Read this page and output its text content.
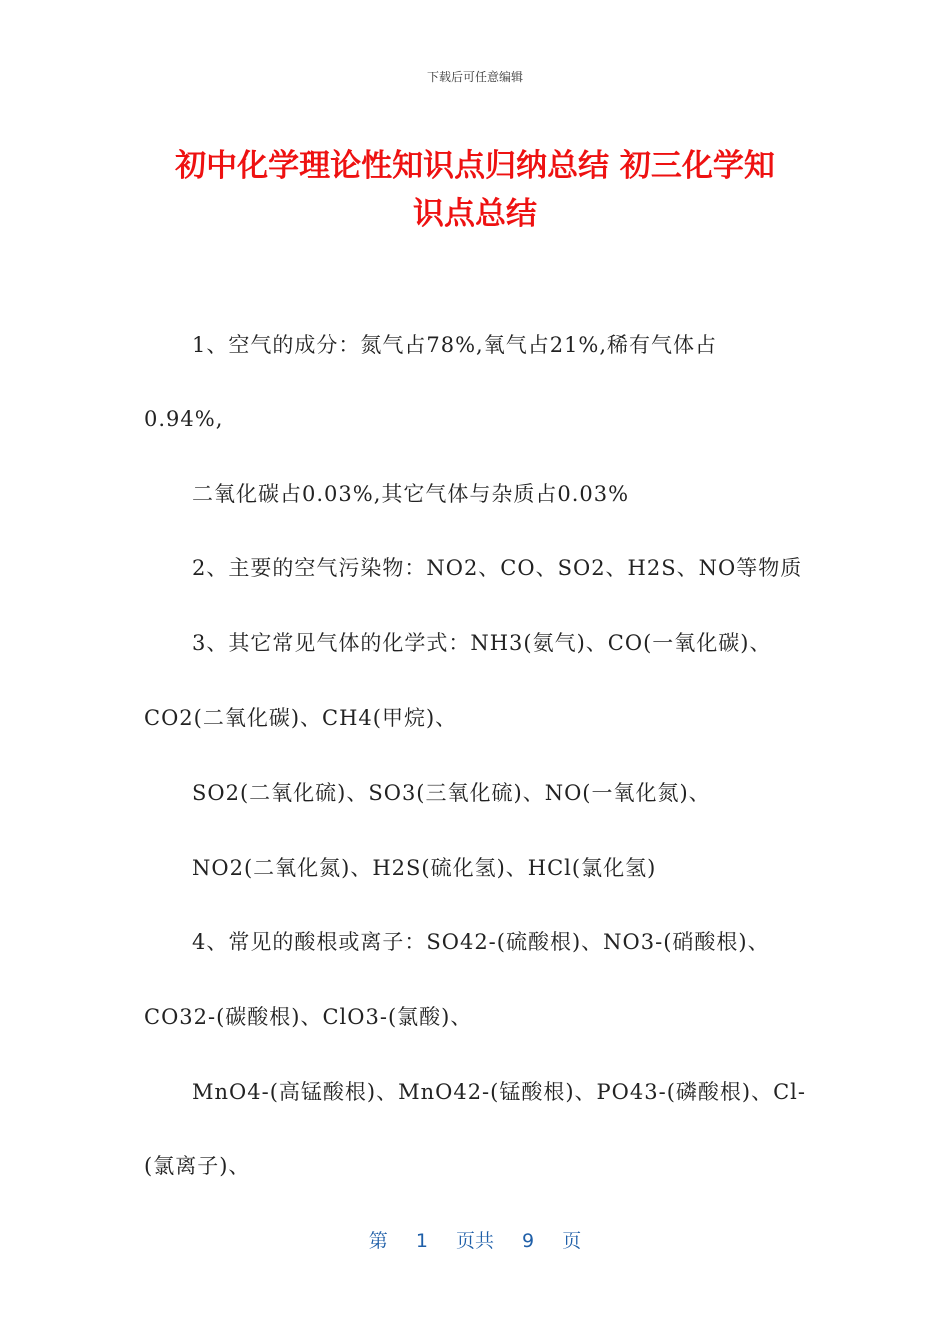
下载后可任意编辑
初中化学理论性知识点归纳总结 初三化学知
识点总结
1、空气的成分：氮气占78%,氧气占21%,稀有气体占
0.94%,
二氧化碳占0.03%,其它气体与杂质占0.03%
2、主要的空气污染物：NO2、CO、SO2、H2S、NO等物质
3、其它常见气体的化学式：NH3(氨气)、CO(一氧化碳)、
CO2(二氧化碳)、CH4(甲烷)、
SO2(二氧化硫)、SO3(三氧化硫)、NO(一氧化氮)、
NO2(二氧化氮)、H2S(硫化氢)、HCl(氯化氢)
4、常见的酸根或离子：SO42-(硫酸根)、NO3-(硝酸根)、
CO32-(碳酸根)、ClO3-(氯酸)、
MnO4-(高锰酸根)、MnO42-(锰酸根)、PO43-(磷酸根)、Cl-
(氯离子)、
第 1 页共 9 页
